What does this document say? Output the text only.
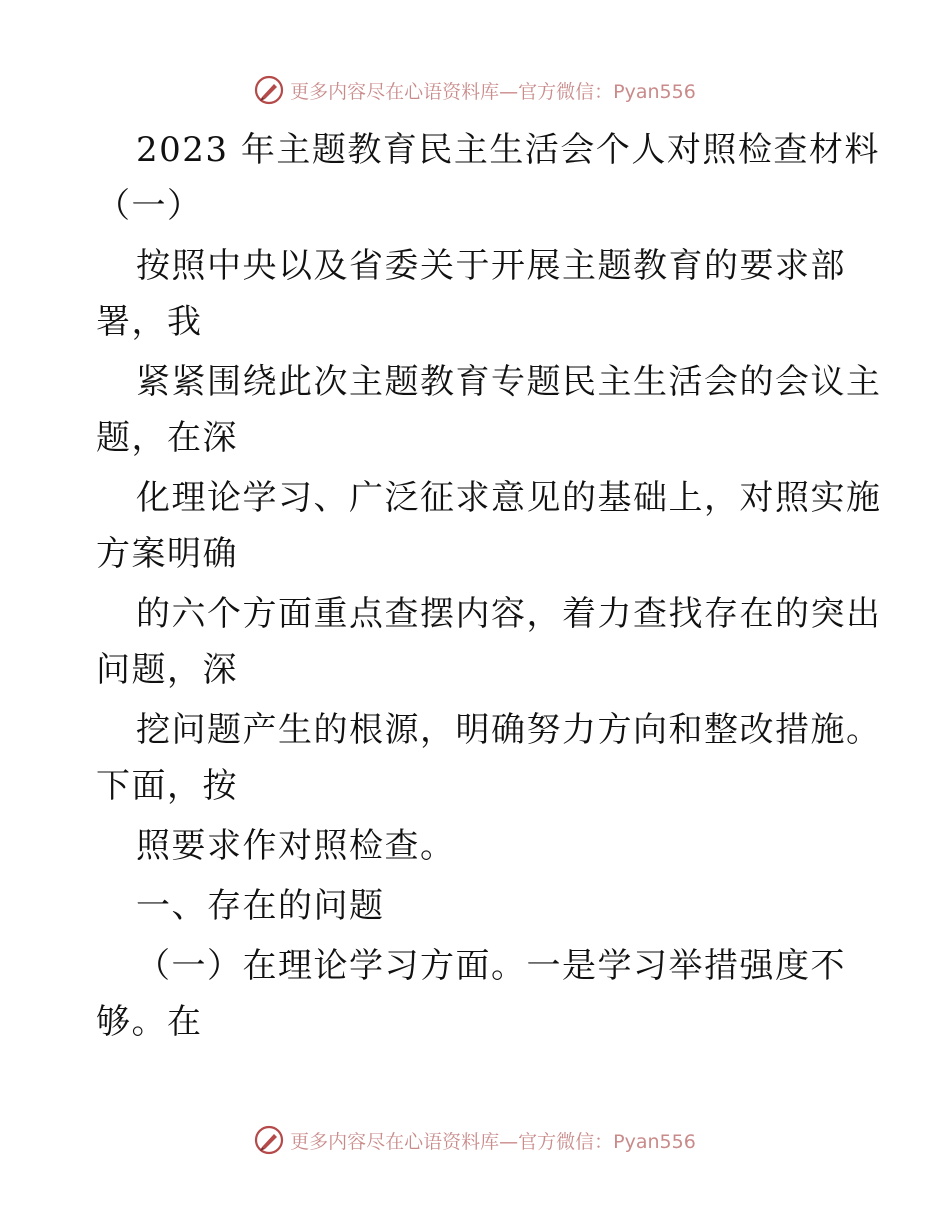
更多内容尽在心语资料库—官方微信：Pyan556
2023 年主题教育民主生活会个人对照检查材料
（一）
按照中央以及省委关于开展主题教育的要求部
署，我
紧紧围绕此次主题教育专题民主生活会的会议主
题，在深
化理论学习、广泛征求意见的基础上，对照实施
方案明确
的六个方面重点查摆内容，着力查找存在的突出
问题，深
挖问题产生的根源，明确努力方向和整改措施。
下面，按
照要求作对照检查。
一、存在的问题
（一）在理论学习方面。一是学习举措强度不
够。在
更多内容尽在心语资料库—官方微信：Pyan556
